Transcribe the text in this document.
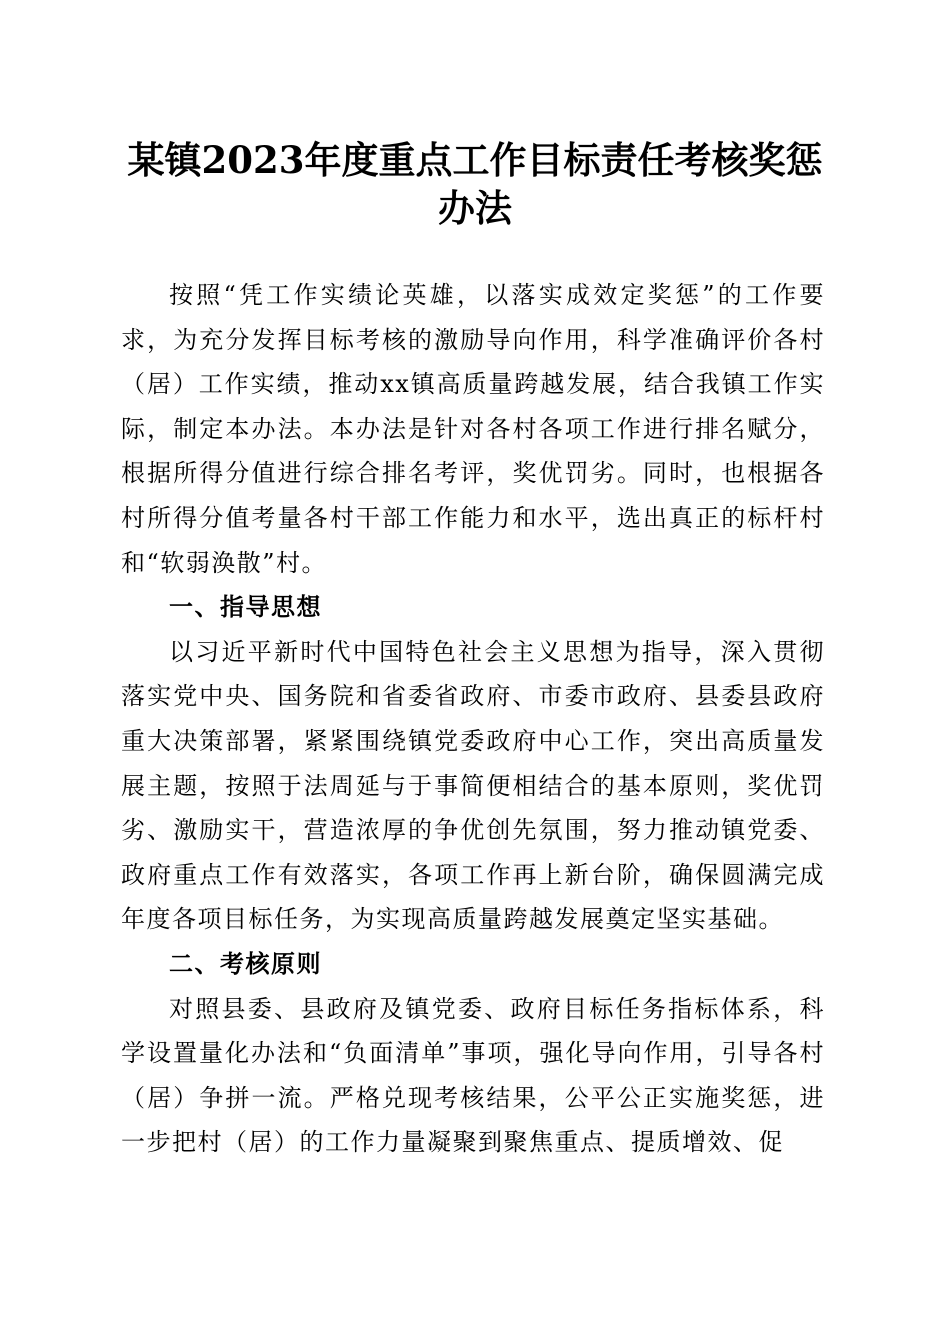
某镇2023年度重点工作目标责任考核奖惩办法

按照“凭工作实绩论英雄，以落实成效定奖惩”的工作要求，为充分发挥目标考核的激励导向作用，科学准确评价各村（居）工作实绩，推动xx镇高质量跨越发展，结合我镇工作实际，制定本办法。本办法是针对各村各项工作进行排名赋分，根据所得分值进行综合排名考评，奖优罚劣。同时，也根据各村所得分值考量各村干部工作能力和水平，选出真正的标杆村和“软弱涣散”村。

一、指导思想

以习近平新时代中国特色社会主义思想为指导，深入贯彻落实党中央、国务院和省委省政府、市委市政府、县委县政府重大决策部署，紧紧围绕镇党委政府中心工作，突出高质量发展主题，按照于法周延与于事简便相结合的基本原则，奖优罚劣、激励实干，营造浓厚的争优创先氛围，努力推动镇党委、政府重点工作有效落实，各项工作再上新台阶，确保圆满完成年度各项目标任务，为实现高质量跨越发展奠定坚实基础。

二、考核原则

对照县委、县政府及镇党委、政府目标任务指标体系，科学设置量化办法和“负面清单”事项，强化导向作用，引导各村（居）争拼一流。严格兑现考核结果，公平公正实施奖惩，进一步把村（居）的工作力量凝聚到聚焦重点、提质增效、促
